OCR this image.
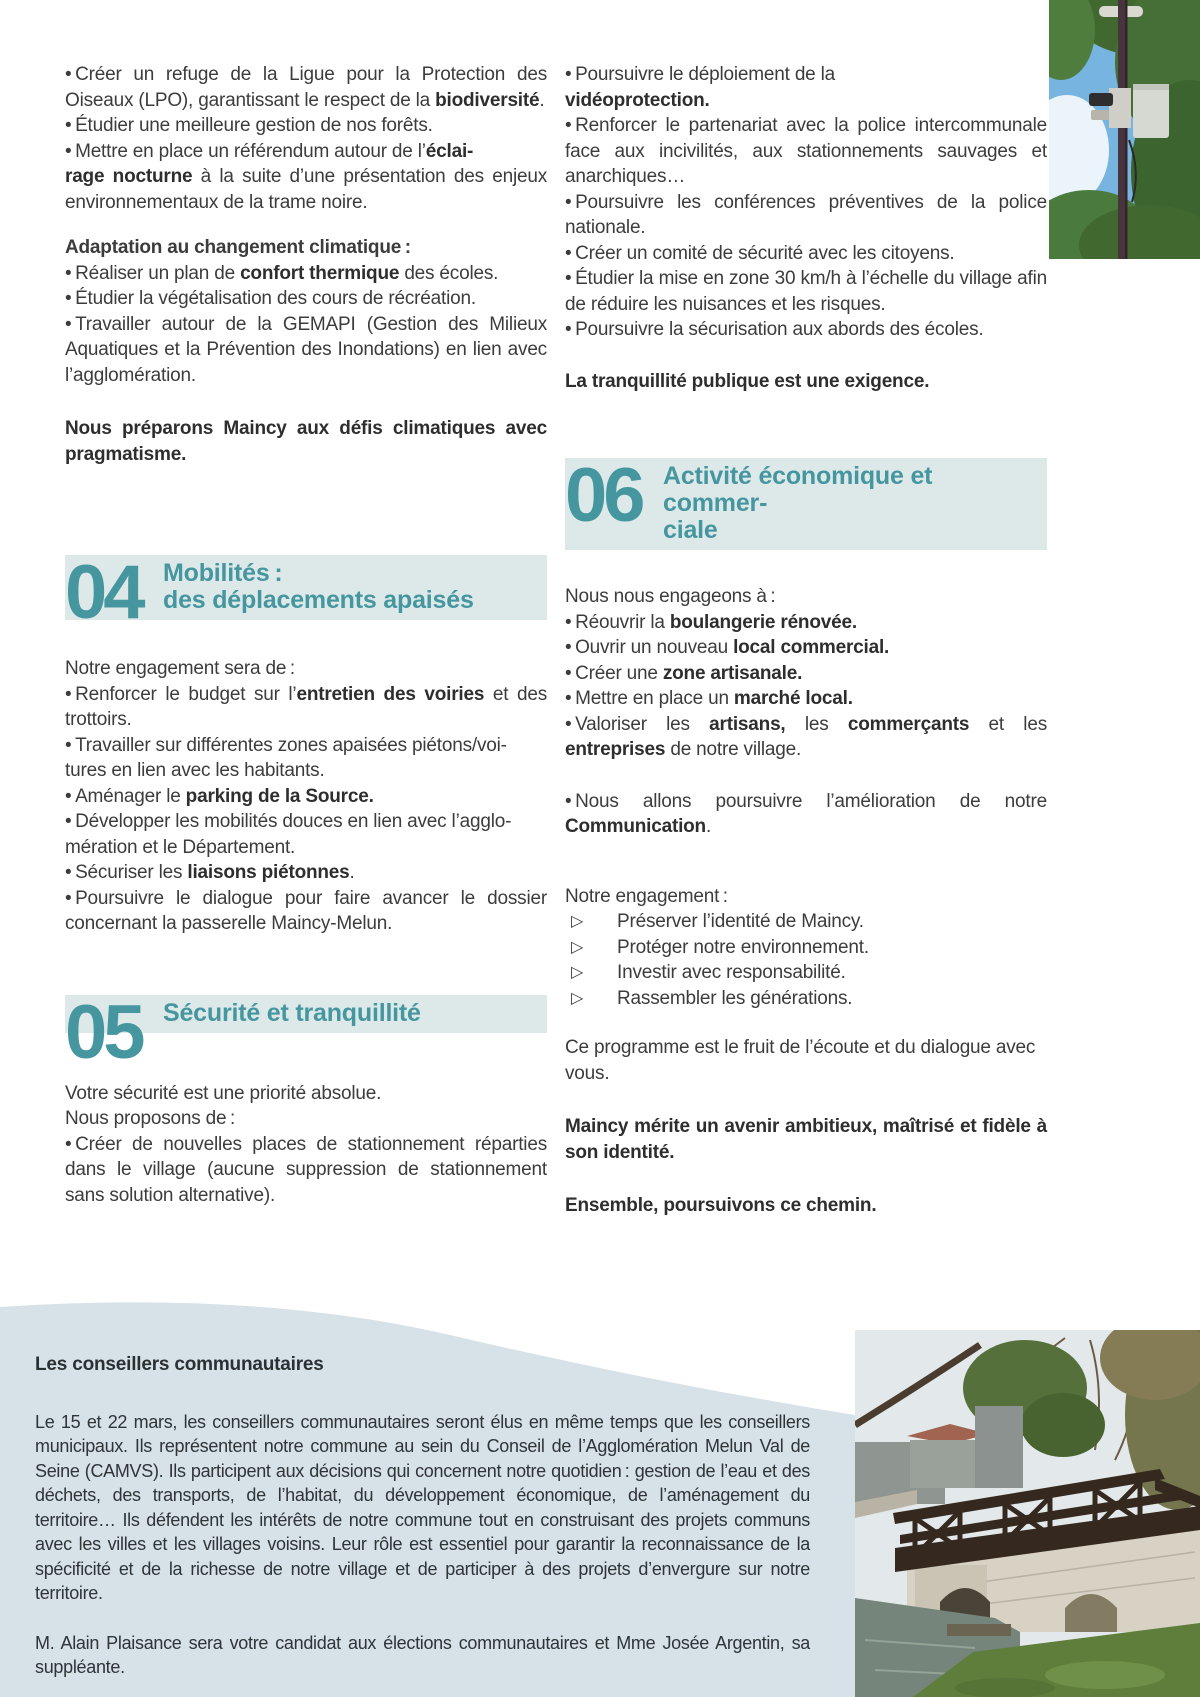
• Créer un refuge de la Ligue pour la Protection des Oiseaux (LPO), garantissant le respect de la biodiversité.

• Étudier une meilleure gestion de nos forêts.

• Mettre en place un référendum autour de l’éclai-
rage nocturne à la suite d’une présentation des enjeux environnementaux de la trame noire.

Adaptation au changement climatique :

• Réaliser un plan de confort thermique des écoles.

• Étudier la végétalisation des cours de récréation.

• Travailler autour de la GEMAPI (Gestion des Milieux Aquatiques et la Prévention des Inondations) en lien avec l’agglomération.

Nous préparons Maincy aux défis climatiques avec pragmatisme.

Mobilités :
des déplacements apaisés
04

Notre engagement sera de :

• Renforcer le budget sur l’entretien des voiries et des trottoirs.

• Travailler sur différentes zones apaisées piétons/voi-
tures en lien avec les habitants.

• Aménager le parking de la Source.

• Développer les mobilités douces en lien avec l’agglo-
mération et le Département.

• Sécuriser les liaisons piétonnes.

• Poursuivre le dialogue pour faire avancer le dossier concernant la passerelle Maincy-Melun.

Sécurité et tranquillité
05

Votre sécurité est une priorité absolue.

Nous proposons de :

• Créer de nouvelles places de stationnement réparties dans le village (aucune suppression de stationnement sans solution alternative).

• Poursuivre le déploiement de la
vidéoprotection.

• Renforcer le partenariat avec la police intercommunale face aux incivilités, aux stationnements sauvages et anarchiques…

• Poursuivre les conférences préventives de la police nationale.

• Créer un comité de sécurité avec les citoyens.

• Étudier la mise en zone 30 km/h à l’échelle du village afin de réduire les nuisances et les risques.

• Poursuivre la sécurisation aux abords des écoles.

La tranquillité publique est une exigence.

Activité économique et commer-
ciale
06

Nous nous engageons à :

• Réouvrir la boulangerie rénovée.

• Ouvrir un nouveau local commercial.

• Créer une zone artisanale.

• Mettre en place un marché local.

• Valoriser les artisans, les commerçants et les entreprises de notre village.

• Nous allons poursuivre l’amélioration de notre Communication.

Notre engagement :

▷ Préserver l’identité de Maincy.

▷ Protéger notre environnement.

▷ Investir avec responsabilité.

▷ Rassembler les générations.

Ce programme est le fruit de l’écoute et du dialogue avec vous.

Maincy mérite un avenir ambitieux, maîtrisé et fidèle à son identité.

Ensemble, poursuivons ce chemin.

Les conseillers communautaires

Le 15 et 22 mars, les conseillers communautaires seront élus en même temps que les conseillers municipaux. Ils représentent notre commune au sein du Conseil de l’Agglomération Melun Val de Seine (CAMVS). Ils participent aux décisions qui concernent notre quotidien : gestion de l’eau et des déchets, des transports, de l’habitat, du développement économique, de l’aménagement du territoire… Ils défendent les intérêts de notre commune tout en construisant des projets communs avec les villes et les villages voisins. Leur rôle est essentiel pour garantir la reconnaissance de la spécificité et de la richesse de notre village et de participer à des projets d’envergure sur notre territoire.

M. Alain Plaisance sera votre candidat aux élections communautaires et Mme Josée Argentin, sa suppléante.
